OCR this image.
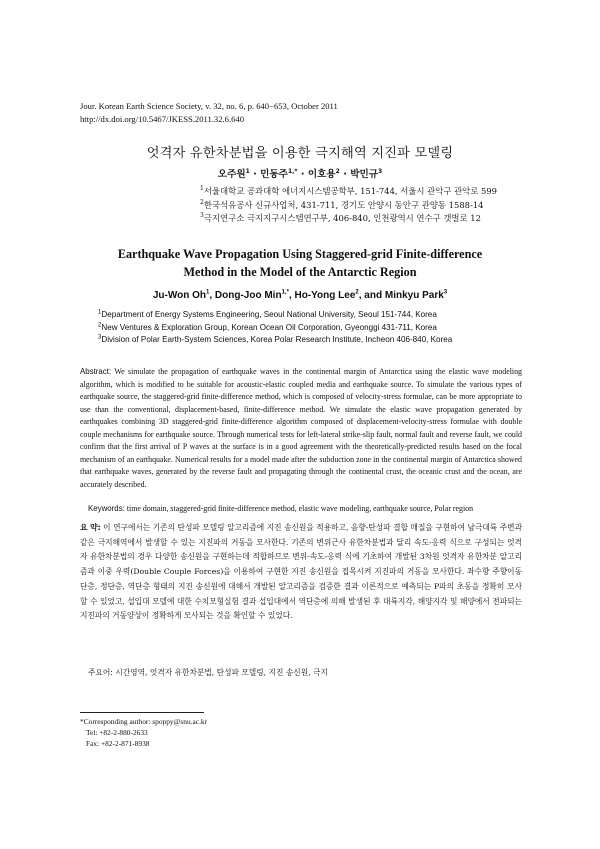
Jour. Korean Earth Science Society, v. 32, no. 6, p. 640−653, October 2011
http://dx.doi.org/10.5467/JKESS.2011.32.6.640
엇격자 유한차분법을 이용한 극지해역 지진파 모델링
오주원$^1$ · 민동주$^{1,*}$ · 이호용$^2$ · 박민규$^3$
$^1$서울대학교 공과대학 에너지시스템공학부, 151-744, 서울시 관악구 관악로 599
$^2$한국석유공사 신규사업처, 431-711, 경기도 안양시 동안구 관양동 1588-14
$^3$극지연구소 극지지구시스템연구부, 406-840, 인천광역시 연수구 갯벌로 12
Earthquake Wave Propagation Using Staggered-grid Finite-difference
Method in the Model of the Antarctic Region
Ju-Won Oh$^1$, Dong-Joo Min$^{1,*}$, Ho-Yong Lee$^2$, and Minkyu Park$^3$
$^1$Department of Energy Systems Engineering, Seoul National University, Seoul 151-744, Korea
$^2$New Ventures & Exploration Group, Korean Ocean Oil Corporation, Gyeonggi 431-711, Korea
$^3$Division of Polar Earth-System Sciences, Korea Polar Research Institute, Incheon 406-840, Korea
Abstract: We simulate the propagation of earthquake waves in the continental margin of Antarctica using the elastic wave modeling algorithm, which is modified to be suitable for acoustic-elastic coupled media and earthquake source. To simulate the various types of earthquake source, the staggered-grid finite-difference method, which is composed of velocity-stress formulae, can be more appropriate to use than the conventional, displacement-based, finite-difference method. We simulate the elastic wave propagation generated by earthquakes combining 3D staggered-grid finite-difference algorithm composed of displacement-velocity-stress formulae with double couple mechanisms for earthquake source. Through numerical tests for left-lateral strike-slip fault, normal fault and reverse fault, we could confirm that the first arrival of P waves at the surface is in a good agreement with the theoretically-predicted results based on the focal mechanism of an earthquake. Numerical results for a model made after the subduction zone in the continental margin of Antarctica showed that earthquake waves, generated by the reverse fault and propagating through the continental crust, the oceanic crust and the ocean, are accurately described.
Keywords: time domain, staggered-grid finite-difference method, elastic wave modeling, earthquake source, Polar region
요 약: 이 연구에서는 기존의 탄성파 모델링 알고리즘에 지진 송신원을 적용하고, 음향-탄성파 결합 매질을 구현하여 남극대륙 주변과 같은 극지해역에서 발생할 수 있는 지진파의 거동을 모사한다. 기존의 변위근사 유한차분법과 달리 속도-응력 식으로 구성되는 엇격자 유한차분법의 경우 다양한 송신원을 구현하는데 적합하므로 변위-속도-응력 식에 기초하여 개발된 3차원 엇격자 유한차분 알고리즘과 이중 우력(Double Couple Forces)을 이용하여 구현한 지진 송신원을 접목시켜 지진파의 거동을 모사한다. 좌수향 주향이동단층, 정단층, 역단층 형태의 지진 송신원에 대해서 개발된 알고리즘을 검증한 결과 이론적으로 예측되는 P파의 초동을 정확히 모사할 수 있었고, 섭입대 모델에 대한 수치모형실험 결과 섭입대에서 역단층에 의해 발생된 후 대륙지각, 해양지각 및 해양에서 전파되는 지진파의 거동양상이 정확하게 모사되는 것을 확인할 수 있었다.
주요어: 시간영역, 엇격자 유한차분법, 탄성파 모델링, 지진 송신원, 극지
*Corresponding author: spoppy@snu.ac.kr
Tel: +82-2-880-2633
Fax: +82-2-871-8938
